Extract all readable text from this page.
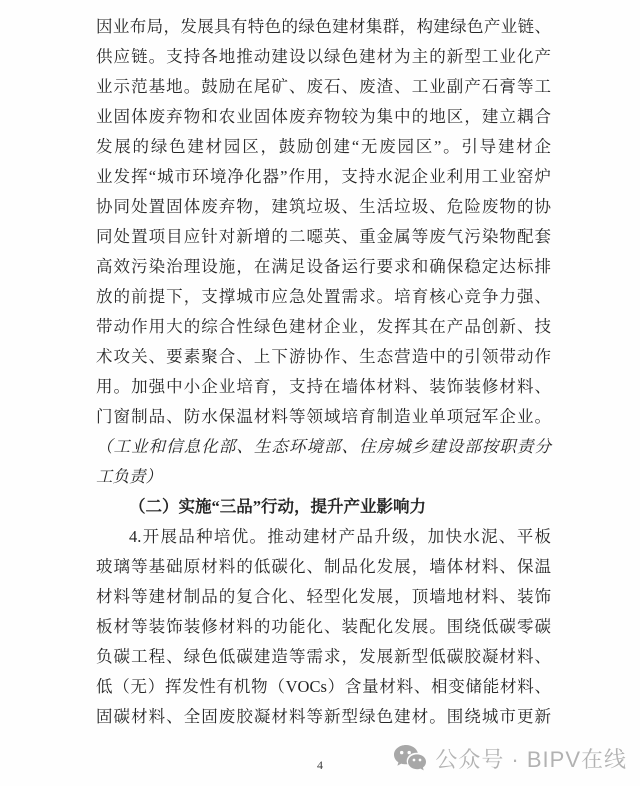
因业布局，发展具有特色的绿色建材集群，构建绿色产业链、

供应链。支持各地推动建设以绿色建材为主的新型工业化产

业示范基地。鼓励在尾矿、废石、废渣、工业副产石膏等工

业固体废弃物和农业固体废弃物较为集中的地区，建立耦合

发展的绿色建材园区，鼓励创建“无废园区”。引导建材企

业发挥“城市环境净化器”作用，支持水泥企业利用工业窑炉

协同处置固体废弃物，建筑垃圾、生活垃圾、危险废物的协

同处置项目应针对新增的二噁英、重金属等废气污染物配套

高效污染治理设施，在满足设备运行要求和确保稳定达标排

放的前提下，支撑城市应急处置需求。培育核心竞争力强、

带动作用大的综合性绿色建材企业，发挥其在产品创新、技

术攻关、要素聚合、上下游协作、生态营造中的引领带动作

用。加强中小企业培育，支持在墙体材料、装饰装修材料、

门窗制品、防水保温材料等领域培育制造业单项冠军企业。

（工业和信息化部、生态环境部、住房城乡建设部按职责分

工负责）

（二）实施“三品”行动，提升产业影响力

4.开展品种培优。推动建材产品升级，加快水泥、平板

玻璃等基础原材料的低碳化、制品化发展，墙体材料、保温

材料等建材制品的复合化、轻型化发展，顶墙地材料、装饰

板材等装饰装修材料的功能化、装配化发展。围绕低碳零碳

负碳工程、绿色低碳建造等需求，发展新型低碳胶凝材料、

低（无）挥发性有机物（VOCs）含量材料、相变储能材料、

固碳材料、全固废胶凝材料等新型绿色建材。围绕城市更新

4	公众号 · BIPV在线
